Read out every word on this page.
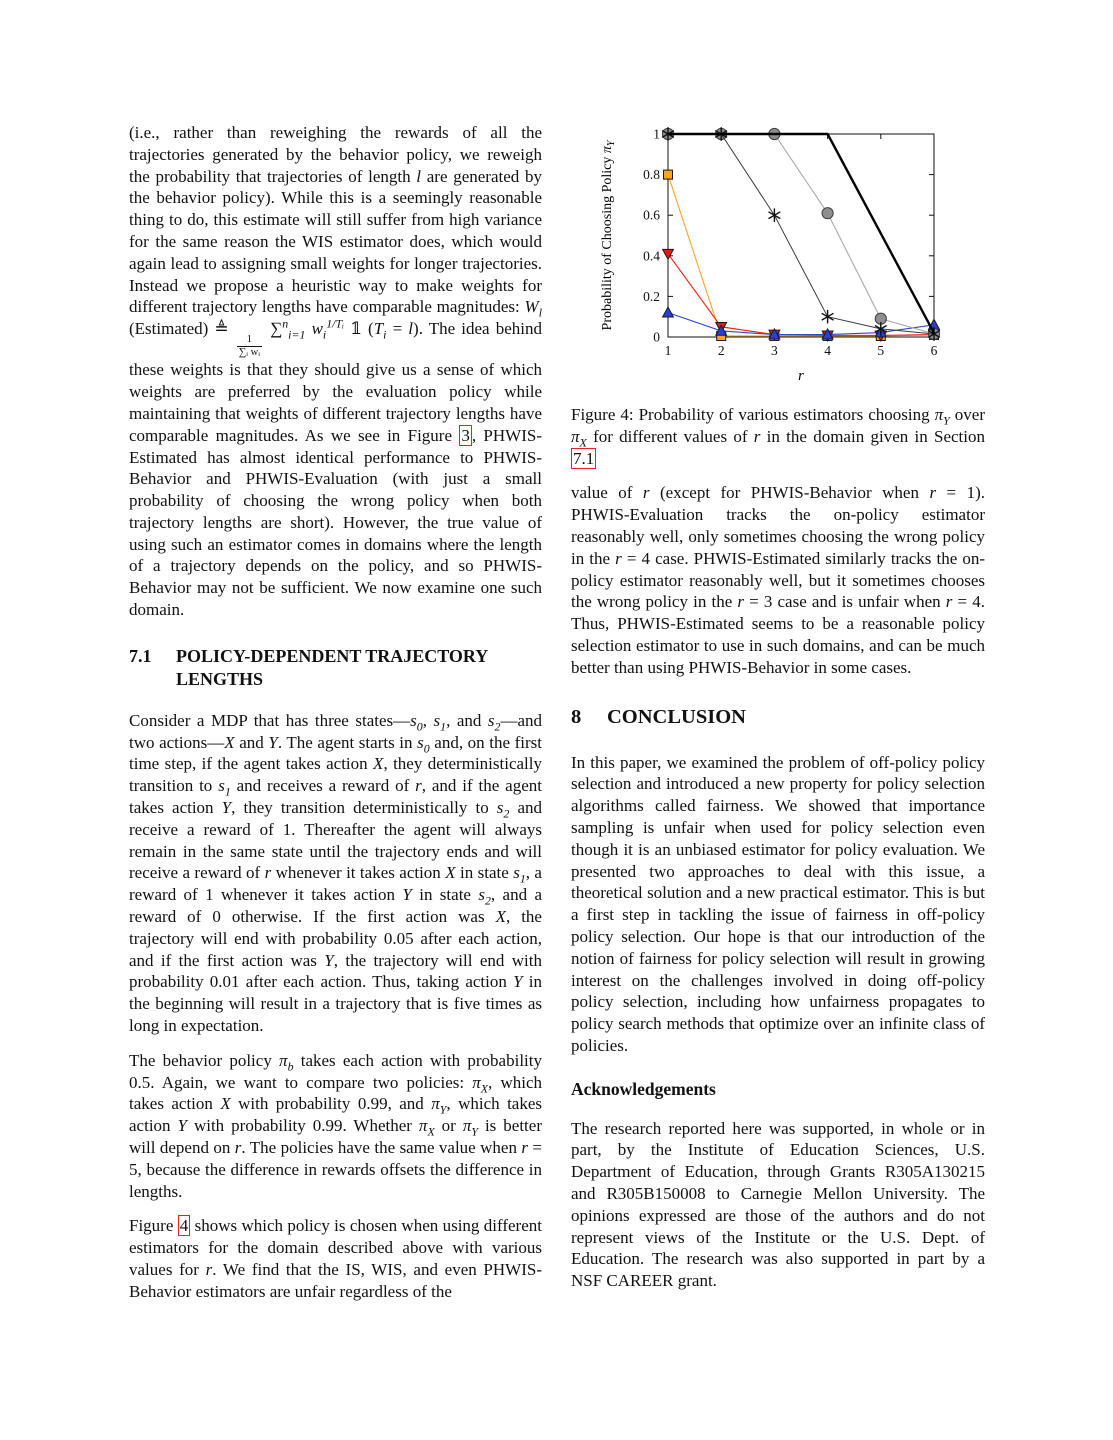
(i.e., rather than reweighing the rewards of all the trajectories generated by the behavior policy, we reweigh the probability that trajectories of length l are generated by the behavior policy). While this is a seemingly reasonable thing to do, this estimate will still suffer from high variance for the same reason the WIS estimator does, which would again lead to assigning small weights for longer trajectories. Instead we propose a heuristic way to make weights for different trajectory lengths have comparable magnitudes: $W_l$ (Estimated) ≜
$\frac{1}{\text{∑ᵢ wᵢ}}$
∑$^n_{i=1}$ $w_i^{1/Tᵢ}$ 𝟙 $(T_i = l)$. The idea behind these weights is that they should give us a sense of which weights are preferred by the evaluation policy while maintaining that weights of different trajectory lengths have comparable magnitudes. As we see in Figure 3 , PHWIS-Estimated has almost identical performance to PHWIS-Behavior and PHWIS-Evaluation (with just a small probability of choosing the wrong policy when both trajectory lengths are short). However, the true value of using such an estimator comes in domains where the length of a trajectory depends on the policy, and so PHWIS-Behavior may not be sufficient. We now examine one such domain.

7.1	POLICY-DEPENDENT TRAJECTORY LENGTHS

Consider a MDP that has three $states—s_0$, $s_1$, and $s_2—and$ two actions—X and Y. The agent starts in $s_0$ and, on the first time step, if the agent takes action X, they deterministically transition to $s_1$ and receives a reward of r, and if the agent takes action Y, they transition deterministically to $s_2$ and receive a reward of 1. Thereafter the agent will always remain in the same state until the trajectory ends and will receive a reward of r whenever it takes action X in state $s_1$, a reward of 1 whenever it takes action Y in state $s_2$, and a reward of 0 otherwise. If the first action was X, the trajectory will end with probability 0.05 after each action, and if the first action was Y, the trajectory will end with probability 0.01 after each action. Thus, taking action Y in the beginning will result in a trajectory that is five times as long in expectation.

The behavior policy $\pi_b$ takes each action with probability 0.5. Again, we want to compare two policies: $\pi_X$, which takes action X with probability 0.99, and $\pi_Y$, which takes action Y with probability 0.99. Whether $\pi_X$ or $\pi_Y$ is better will depend on r. The policies have the same value when r = 5, because the difference in rewards offsets the difference in lengths.

Figure 4 shows which policy is chosen when using different estimators for the domain described above with various values for r. We find that the IS, WIS, and even PHWIS-Behavior estimators are unfair regardless of the

1	2	3	4	5	6
0
0.2
0.4
0.6
0.8
1
r
Probability of Choosing Policy $\pi_Y$

Figure 4: Probability of various estimators choosing $\pi_Y$ over $\pi_X$ for different values of r in the domain given in Section 7.1

value of r (except for PHWIS-Behavior when r = 1). PHWIS-Evaluation tracks the on-policy estimator reasonably well, only sometimes choosing the wrong policy in the r = 4 case. PHWIS-Estimated similarly tracks the on-policy estimator reasonably well, but it sometimes chooses the wrong policy in the r = 3 case and is unfair when r = 4. Thus, PHWIS-Estimated seems to be a reasonable policy selection estimator to use in such domains, and can be much better than using PHWIS-Behavior in some cases.

8	CONCLUSION

In this paper, we examined the problem of off-policy policy selection and introduced a new property for policy selection algorithms called fairness. We showed that importance sampling is unfair when used for policy selection even though it is an unbiased estimator for policy evaluation. We presented two approaches to deal with this issue, a theoretical solution and a new practical estimator. This is but a first step in tackling the issue of fairness in off-policy policy selection. Our hope is that our introduction of the notion of fairness for policy selection will result in growing interest on the challenges involved in doing off-policy policy selection, including how unfairness propagates to policy search methods that optimize over an infinite class of policies.

Acknowledgements

The research reported here was supported, in whole or in part, by the Institute of Education Sciences, U.S. Department of Education, through Grants R305A130215 and R305B150008 to Carnegie Mellon University. The opinions expressed are those of the authors and do not represent views of the Institute or the U.S. Dept. of Education. The research was also supported in part by a NSF CAREER grant.
